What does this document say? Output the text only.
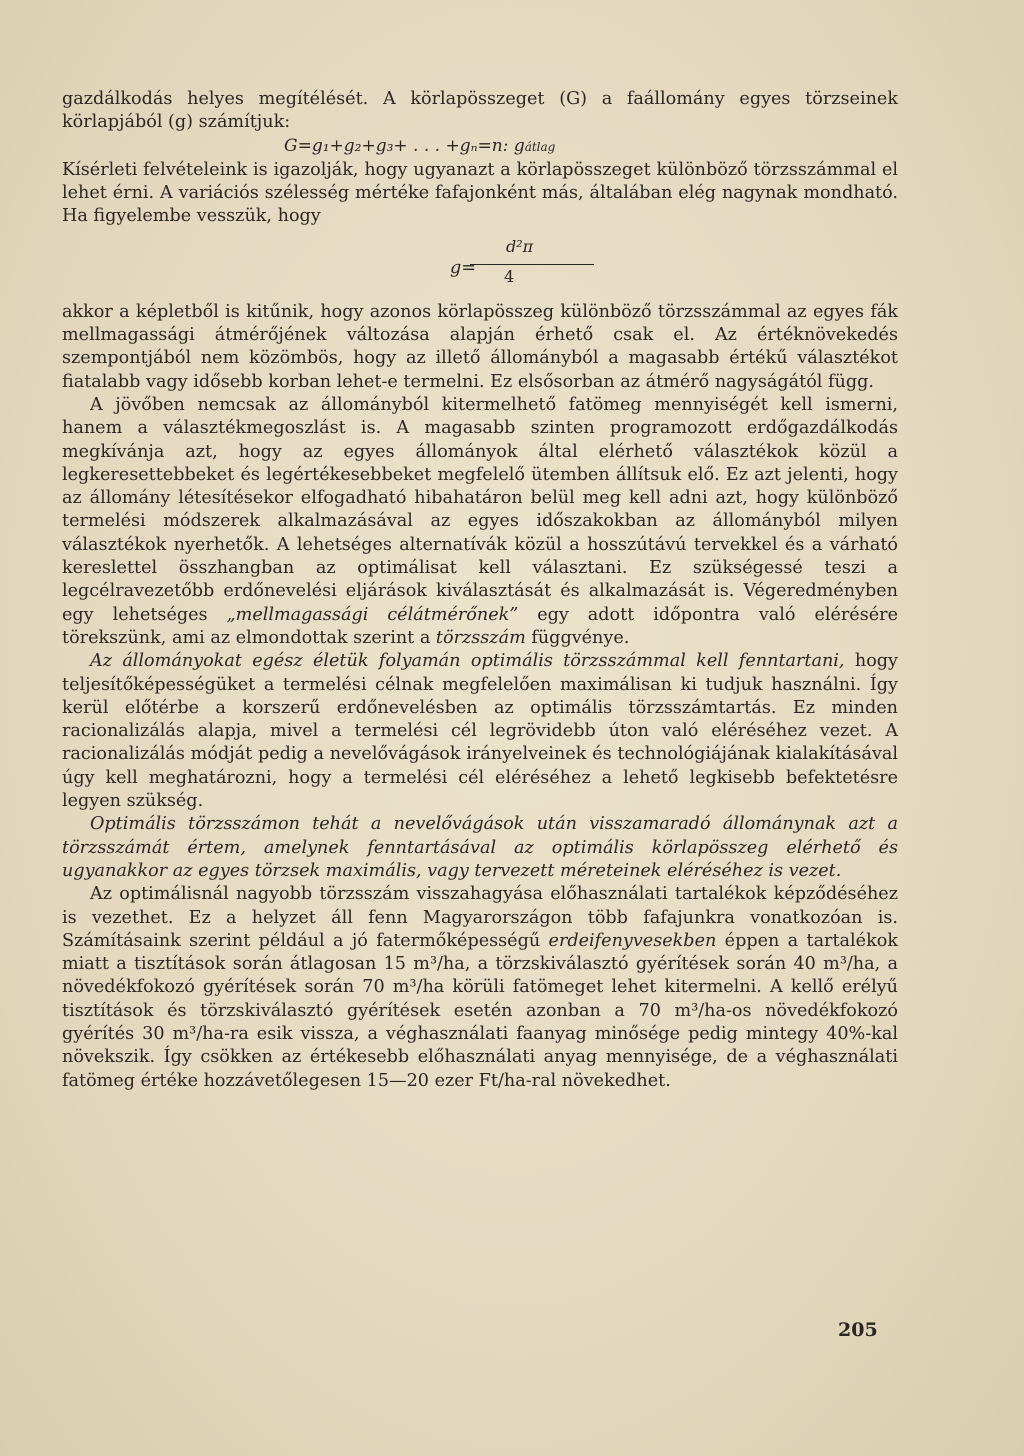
gazdálkodás helyes megítélését. A körlapösszeget (G) a faállomány egyes törzseinek körlapjából (g) számítjuk:

G=g₁+g₂+g₃+ . . . +gₙ=n: gátlag

Kísérleti felvételeink is igazolják, hogy ugyanazt a körlapösszeget különböző törzsszámmal el lehet érni. A variációs szélesség mértéke fafajonként más, általában elég nagynak mondható. Ha figyelembe vesszük, hogy

g=
d²π
4

akkor a képletből is kitűnik, hogy azonos körlapösszeg különböző törzsszámmal az egyes fák mellmagassági átmérőjének változása alapján érhető csak el. Az értéknövekedés szempontjából nem közömbös, hogy az illető állományból a magasabb értékű választékot fiatalabb vagy idősebb korban lehet-e termelni. Ez elsősorban az átmérő nagyságától függ.

A jövőben nemcsak az állományból kitermelhető fatömeg mennyiségét kell ismerni, hanem a választékmegoszlást is. A magasabb szinten programozott erdőgazdálkodás megkívánja azt, hogy az egyes állományok által elérhető választékok közül a legkeresettebbeket és legértékesebbeket megfelelő ütemben állítsuk elő. Ez azt jelenti, hogy az állomány létesítésekor elfogadható hibahatáron belül meg kell adni azt, hogy különböző termelési módszerek alkalmazásával az egyes időszakokban az állományból milyen választékok nyerhetők. A lehetséges alternatívák közül a hosszútávú tervekkel és a várható kereslettel összhangban az optimálisat kell választani. Ez szükségessé teszi a legcélravezetőbb erdőnevelési eljárások kiválasztását és alkalmazását is. Végeredményben egy lehetséges „mellmagassági célátmérőnek” egy adott időpontra való elérésére törekszünk, ami az elmondottak szerint a törzsszám függvénye.

Az állományokat egész életük folyamán optimális törzsszámmal kell fenntartani, hogy teljesítőképességüket a termelési célnak megfelelően maximálisan ki tudjuk használni. Így kerül előtérbe a korszerű erdőnevelésben az optimális törzsszámtartás. Ez minden racionalizálás alapja, mivel a termelési cél legrövidebb úton való eléréséhez vezet. A racionalizálás módját pedig a nevelővágások irányelveinek és technológiájának kialakításával úgy kell meghatározni, hogy a termelési cél eléréséhez a lehető legkisebb befektetésre legyen szükség.

Optimális törzsszámon tehát a nevelővágások után visszamaradó állománynak azt a törzsszámát értem, amelynek fenntartásával az optimális körlapösszeg elérhető és ugyanakkor az egyes törzsek maximális, vagy tervezett méreteinek eléréséhez is vezet.

Az optimálisnál nagyobb törzsszám visszahagyása előhasználati tartalékok képződéséhez is vezethet. Ez a helyzet áll fenn Magyarországon több fafajunkra vonatkozóan is. Számításaink szerint például a jó fatermőképességű erdeifenyvesekben éppen a tartalékok miatt a tisztítások során átlagosan 15 m³/ha, a törzskiválasztó gyérítések során 40 m³/ha, a növedékfokozó gyérítések során 70 m³/ha körüli fatömeget lehet kitermelni. A kellő erélyű tisztítások és törzskiválasztó gyérítések esetén azonban a 70 m³/ha-os növedékfokozó gyérítés 30 m³/ha-ra esik vissza, a véghasználati faanyag minősége pedig mintegy 40%-kal növekszik. Így csökken az értékesebb előhasználati anyag mennyisége, de a véghasználati fatömeg értéke hozzávetőlegesen 15—20 ezer Ft/ha-ral növekedhet.

205
